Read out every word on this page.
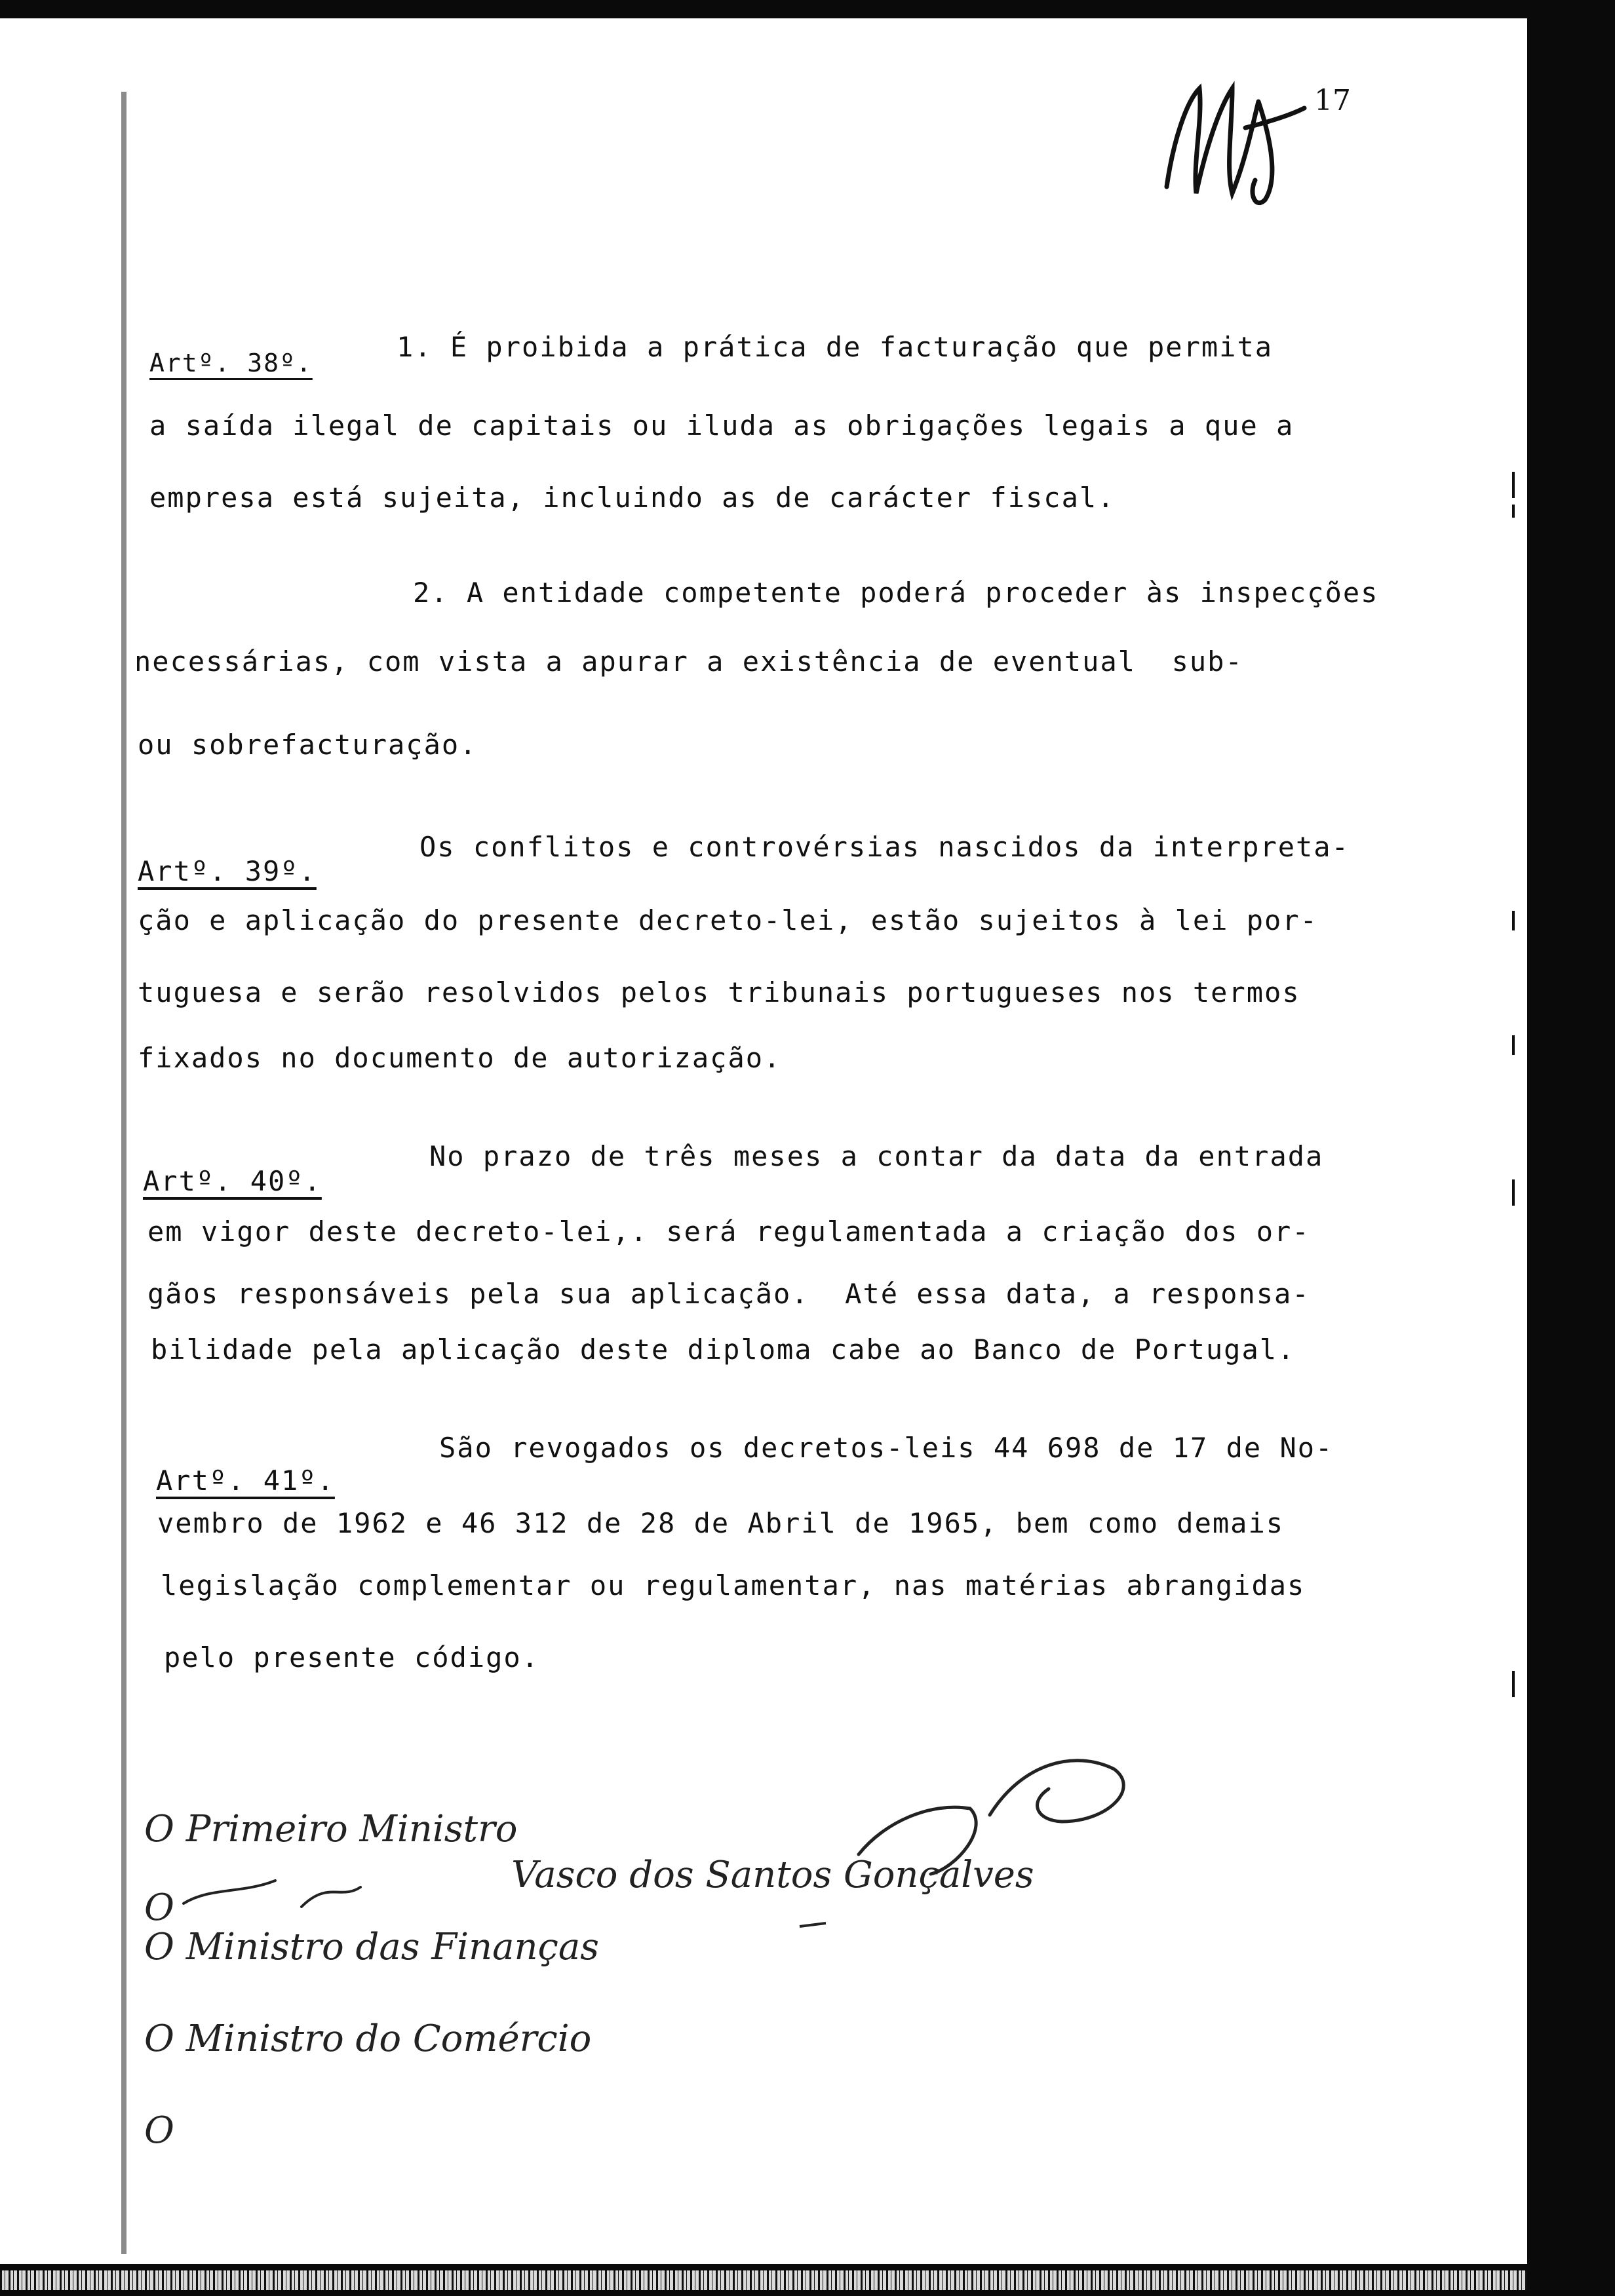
17
Artº. 38º.	1. É proibida a prática de facturação que permita
a saída ilegal de capitais ou iluda as obrigações legais a que a
empresa está sujeita, incluindo as de carácter fiscal.
2. A entidade competente poderá proceder às inspecções
necessárias, com vista a apurar a existência de eventual  sub-
ou sobrefacturação.
Artº. 39º.
Os conflitos e controvérsias nascidos da interpreta-
ção e aplicação do presente decreto-lei, estão sujeitos à lei por-
tuguesa e serão resolvidos pelos tribunais portugueses nos termos
fixados no documento de autorização.
Artº. 40º.
No prazo de três meses a contar da data da entrada
em vigor deste decreto-lei,. será regulamentada a criação dos or-
gãos responsáveis pela sua aplicação.  Até essa data, a responsa-
bilidade pela aplicação deste diploma cabe ao Banco de Portugal.
Artº. 41º.
São revogados os decretos-leis 44 698 de 17 de No-
vembro de 1962 e 46 312 de 28 de Abril de 1965, bem como demais
legislação complementar ou regulamentar, nas matérias abrangidas
pelo presente código.
O Primeiro Ministro
O
Vasco dos Santos Gonçalves
O Ministro das Finanças
O Ministro do Comércio
O
